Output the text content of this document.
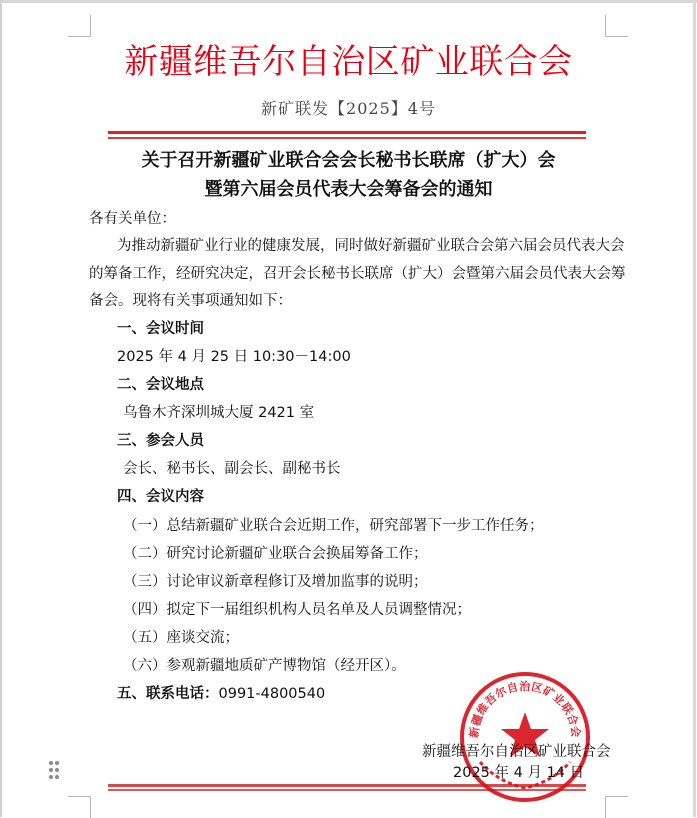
新疆维吾尔自治区矿业联合会
新矿联发【2025】4号
关于召开新疆矿业联合会会长秘书长联席（扩大）会
暨第六届会员代表大会筹备会的通知
各有关单位：
为推动新疆矿业行业的健康发展，同时做好新疆矿业联合会第六届会员代表大会
的筹备工作，经研究决定，召开会长秘书长联席（扩大）会暨第六届会员代表大会筹
备会。现将有关事项通知如下：
一、会议时间
2025 年 4 月 25 日 10:30－14:00
二、会议地点
乌鲁木齐深圳城大厦 2421 室
三、参会人员
会长、秘书长、副会长、副秘书长
四、会议内容
（一）总结新疆矿业联合会近期工作，研究部署下一步工作任务；
（二）研究讨论新疆矿业联合会换届筹备工作；
（三）讨论审议新章程修订及增加监事的说明；
（四）拟定下一届组织机构人员名单及人员调整情况；
（五）座谈交流；
（六）参观新疆地质矿产博物馆（经开区）。
五、联系电话：0991-4800540
新疆维吾尔自治区矿业联合会
新疆维吾尔自治区矿业联合会
2025 年 4 月 14 日
